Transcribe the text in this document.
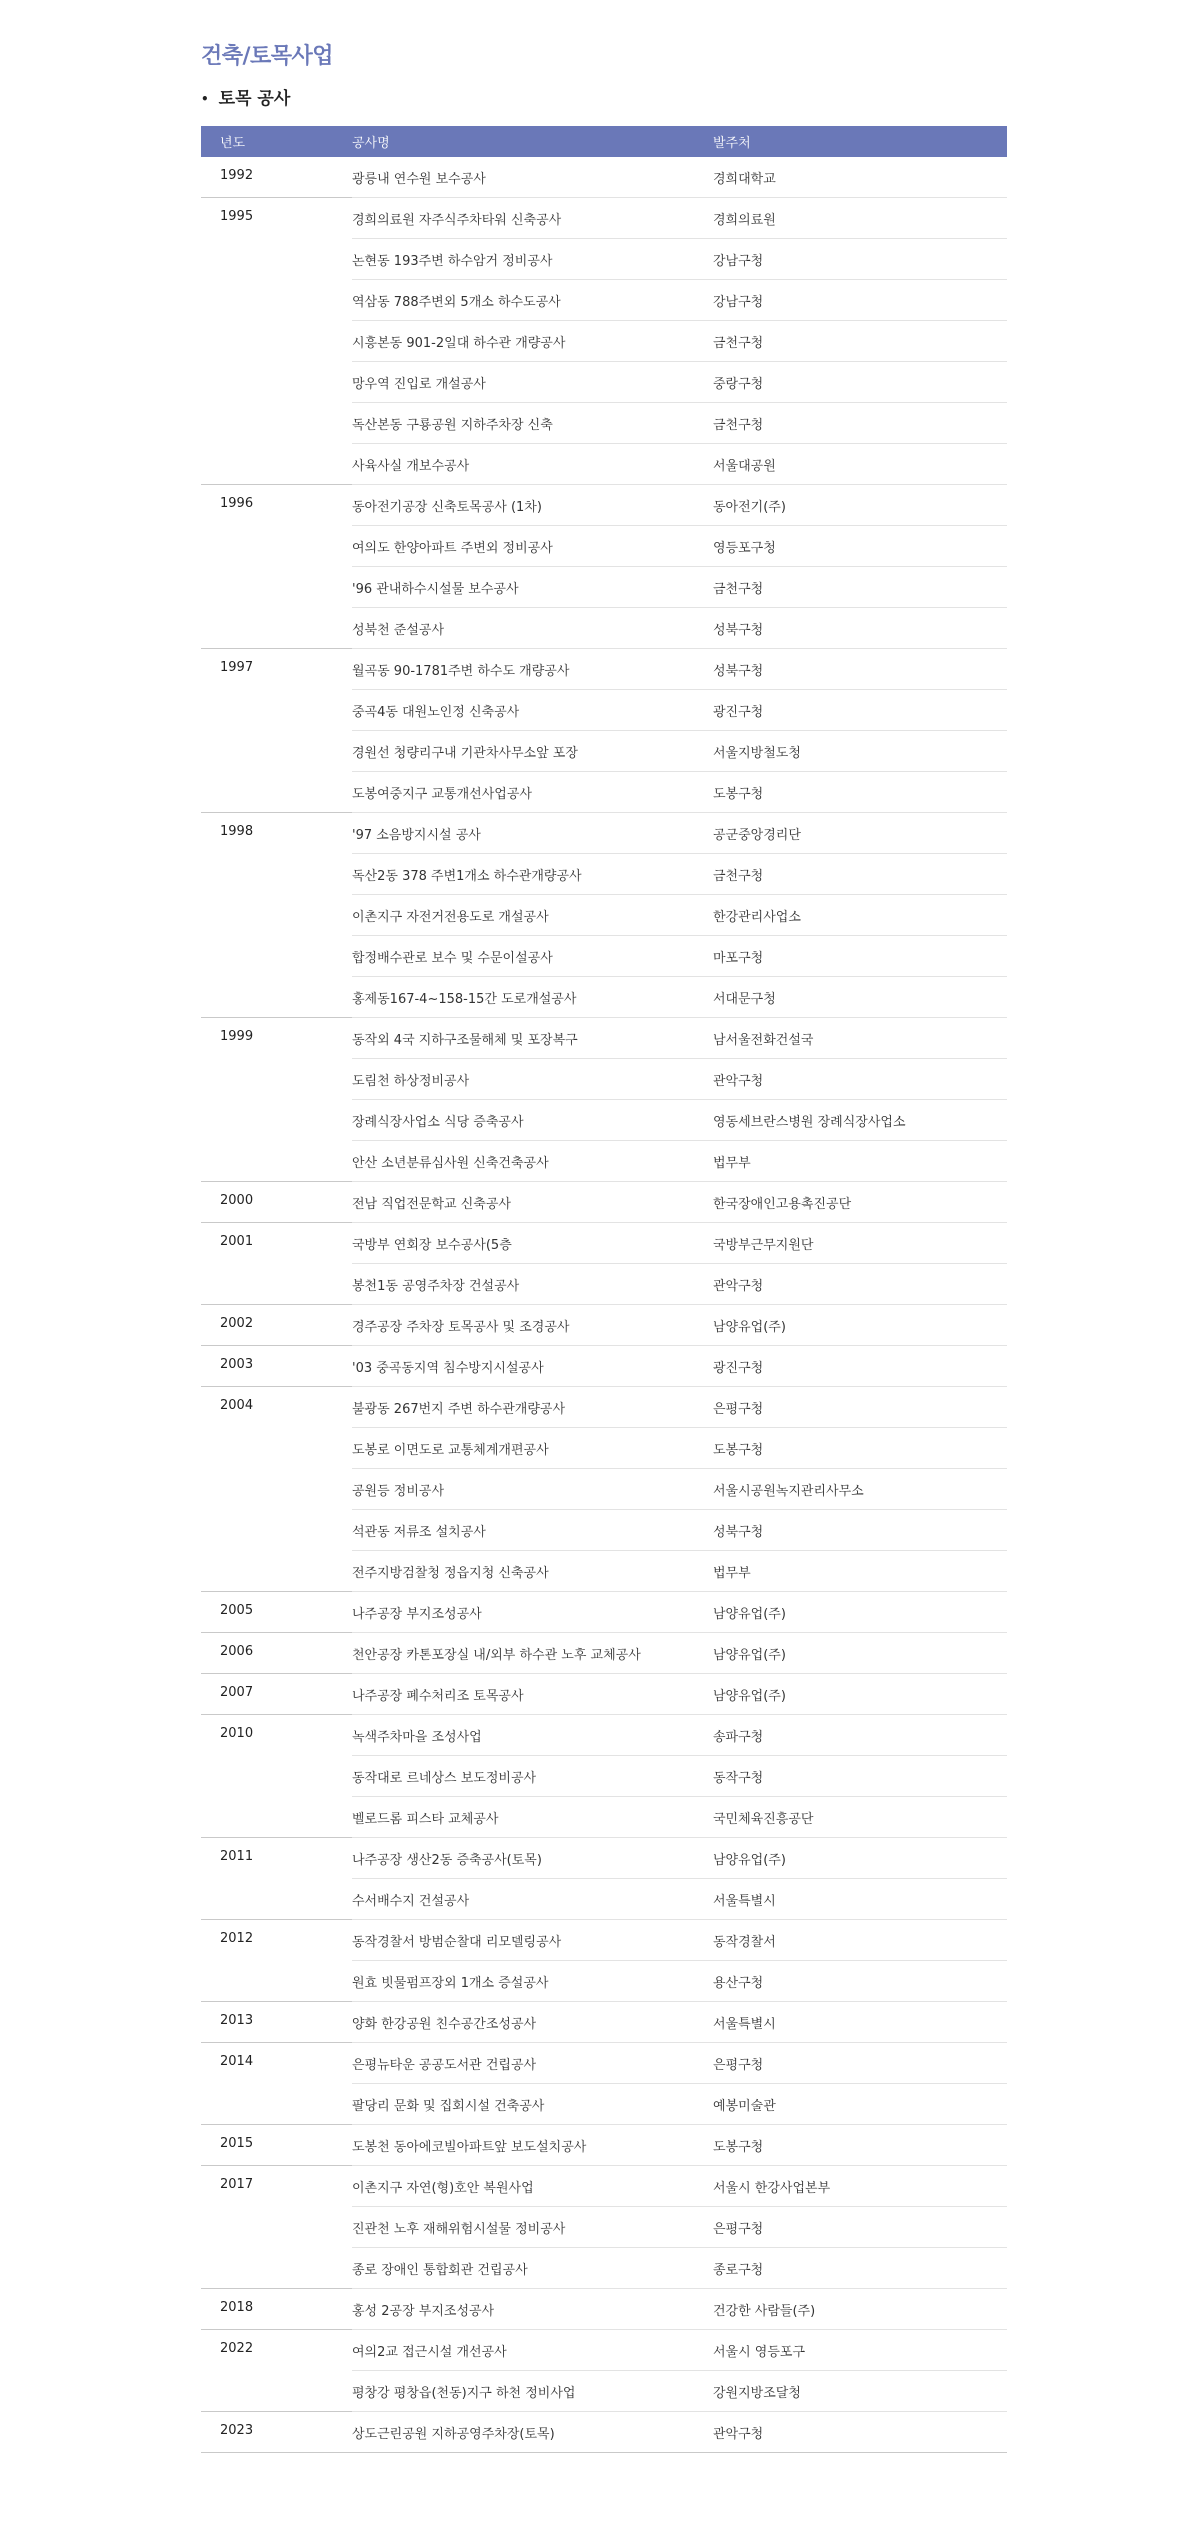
건축/토목사업
• 토목 공사
년도	공사명	발주처
1992	광릉내 연수원 보수공사	경희대학교
1995	경희의료원 자주식주차타워 신축공사	경희의료원
	논현동 193주변 하수암거 정비공사	강남구청
	역삼동 788주변외 5개소 하수도공사	강남구청
	시흥본동 901-2일대 하수관 개량공사	금천구청
	망우역 진입로 개설공사	중랑구청
	독산본동 구룡공원 지하주차장 신축	금천구청
	사육사실 개보수공사	서울대공원
1996	동아전기공장 신축토목공사 (1차)	동아전기(주)
	여의도 한양아파트 주변외 정비공사	영등포구청
	'96 관내하수시설물 보수공사	금천구청
	성북천 준설공사	성북구청
1997	월곡동 90-1781주변 하수도 개량공사	성북구청
	중곡4동 대원노인정 신축공사	광진구청
	경원선 청량리구내 기관차사무소앞 포장	서울지방철도청
	도봉여중지구 교통개선사업공사	도봉구청
1998	'97 소음방지시설 공사	공군중앙경리단
	독산2동 378 주변1개소 하수관개량공사	금천구청
	이촌지구 자전거전용도로 개설공사	한강관리사업소
	합정배수관로 보수 및 수문이설공사	마포구청
	홍제동167-4~158-15간 도로개설공사	서대문구청
1999	동작외 4국 지하구조물해체 및 포장복구	남서울전화건설국
	도림천 하상정비공사	관악구청
	장례식장사업소 식당 증축공사	영동세브란스병원 장례식장사업소
	안산 소년분류심사원 신축건축공사	법무부
2000	전남 직업전문학교 신축공사	한국장애인고용촉진공단
2001	국방부 연회장 보수공사(5층	국방부근무지원단
	봉천1동 공영주차장 건설공사	관악구청
2002	경주공장 주차장 토목공사 및 조경공사	남양유업(주)
2003	'03 중곡동지역 침수방지시설공사	광진구청
2004	불광동 267번지 주변 하수관개량공사	은평구청
	도봉로 이면도로 교통체계개편공사	도봉구청
	공원등 정비공사	서울시공원녹지관리사무소
	석관동 저류조 설치공사	성북구청
	전주지방검찰청 정읍지청 신축공사	법무부
2005	나주공장 부지조성공사	남양유업(주)
2006	천안공장 카톤포장실 내/외부 하수관 노후 교체공사	남양유업(주)
2007	나주공장 폐수처리조 토목공사	남양유업(주)
2010	녹색주차마을 조성사업	송파구청
	동작대로 르네상스 보도정비공사	동작구청
	벨로드롬 피스타 교체공사	국민체육진흥공단
2011	나주공장 생산2동 증축공사(토목)	남양유업(주)
	수서배수지 건설공사	서울특별시
2012	동작경찰서 방범순찰대 리모델링공사	동작경찰서
	원효 빗물펌프장외 1개소 증설공사	용산구청
2013	양화 한강공원 친수공간조성공사	서울특별시
2014	은평뉴타운 공공도서관 건립공사	은평구청
	팔당리 문화 및 집회시설 건축공사	예봉미술관
2015	도봉천 동아에코빌아파트앞 보도설치공사	도봉구청
2017	이촌지구 자연(형)호안 복원사업	서울시 한강사업본부
	진관천 노후 재해위험시설물 정비공사	은평구청
	종로 장애인 통합회관 건립공사	종로구청
2018	홍성 2공장 부지조성공사	건강한 사람들(주)
2022	여의2교 접근시설 개선공사	서울시 영등포구
	평창강 평창읍(천동)지구 하천 정비사업	강원지방조달청
2023	상도근린공원 지하공영주차장(토목)	관악구청
